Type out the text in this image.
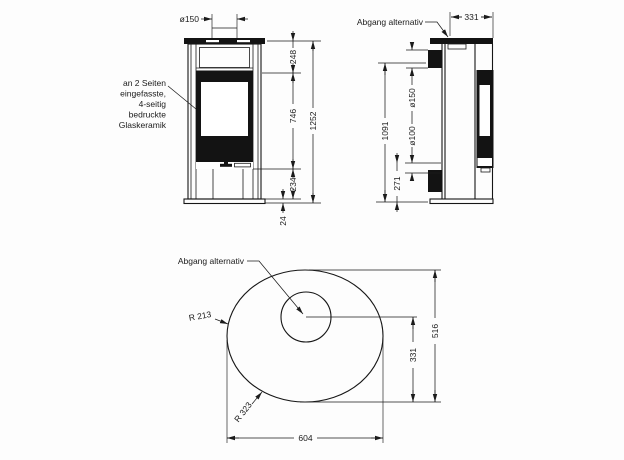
ø150
an 2 Seiten
eingefasste,
4-seitig
bedruckte
Glaskeramik
248
746
234
24
1252
ø150
ø100
1091
271
331
Abgang alternativ
Abgang alternativ
R 213
R 323
516
331
604
